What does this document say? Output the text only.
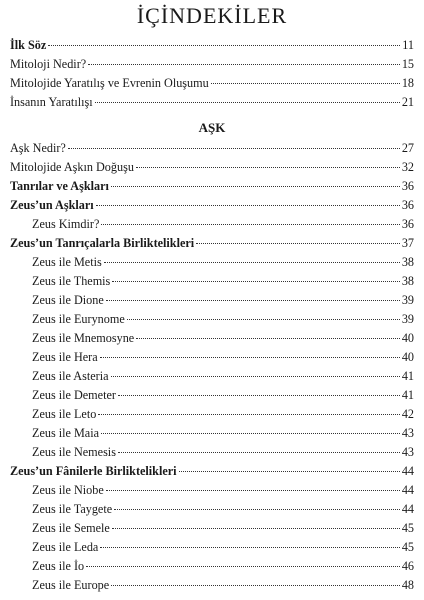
İÇİNDEKİLER
İlk Söz	11
Mitoloji Nedir?	15
Mitolojide Yaratılış ve Evrenin Oluşumu	18
İnsanın Yaratılışı	21
AŞK
Aşk Nedir?	27
Mitolojide Aşkın Doğuşu	32
Tanrılar ve Aşkları	36
Zeus’un Aşkları	36
Zeus Kimdir?	36
Zeus’un Tanrıçalarla Birliktelikleri	37
Zeus ile Metis	38
Zeus ile Themis	38
Zeus ile Dione	39
Zeus ile Eurynome	39
Zeus ile Mnemosyne	40
Zeus ile Hera	40
Zeus ile Asteria	41
Zeus ile Demeter	41
Zeus ile Leto	42
Zeus ile Maia	43
Zeus ile Nemesis	43
Zeus’un Fânilerle Birliktelikleri	44
Zeus ile Niobe	44
Zeus ile Taygete	44
Zeus ile Semele	45
Zeus ile Leda	45
Zeus ile İo	46
Zeus ile Europe	48
